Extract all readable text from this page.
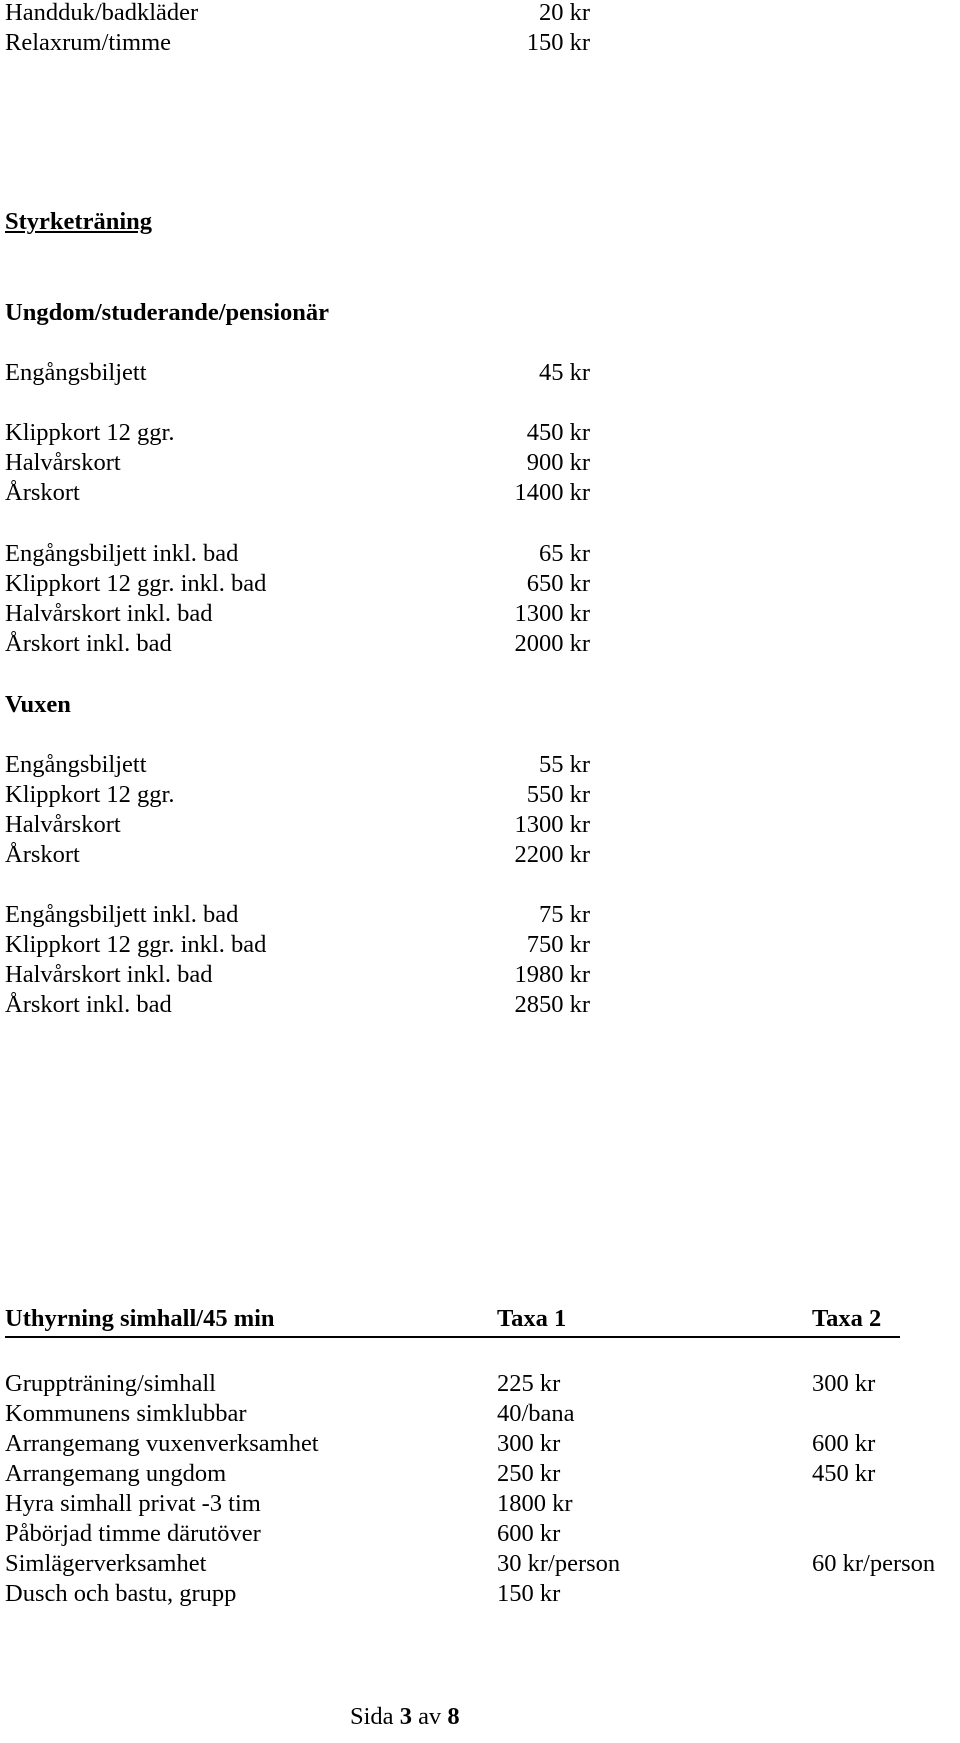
Handduk/badkläder	20 kr
Relaxrum/timme	150 kr
Styrketräning
Ungdom/studerande/pensionär
Engångsbiljett	45 kr
Klippkort 12 ggr.	450 kr
Halvårskort	900 kr
Årskort	1400 kr
Engångsbiljett inkl. bad	65 kr
Klippkort 12 ggr. inkl. bad	650 kr
Halvårskort inkl. bad	1300 kr
Årskort inkl. bad	2000 kr
Vuxen
Engångsbiljett	55 kr
Klippkort 12 ggr.	550 kr
Halvårskort	1300 kr
Årskort	2200 kr
Engångsbiljett inkl. bad	75 kr
Klippkort 12 ggr. inkl. bad	750 kr
Halvårskort inkl. bad	1980 kr
Årskort inkl. bad	2850 kr
Uthyrning simhall/45 min	Taxa 1	Taxa 2
Gruppträning/simhall	225 kr	300 kr
Kommunens simklubbar	40/bana
Arrangemang vuxenverksamhet	300 kr	600 kr
Arrangemang ungdom	250 kr	450 kr
Hyra simhall privat -3 tim	1800 kr
Påbörjad timme därutöver	600 kr
Simlägerverksamhet	30 kr/person	60 kr/person
Dusch och bastu, grupp	150 kr
Sida 3 av 8
